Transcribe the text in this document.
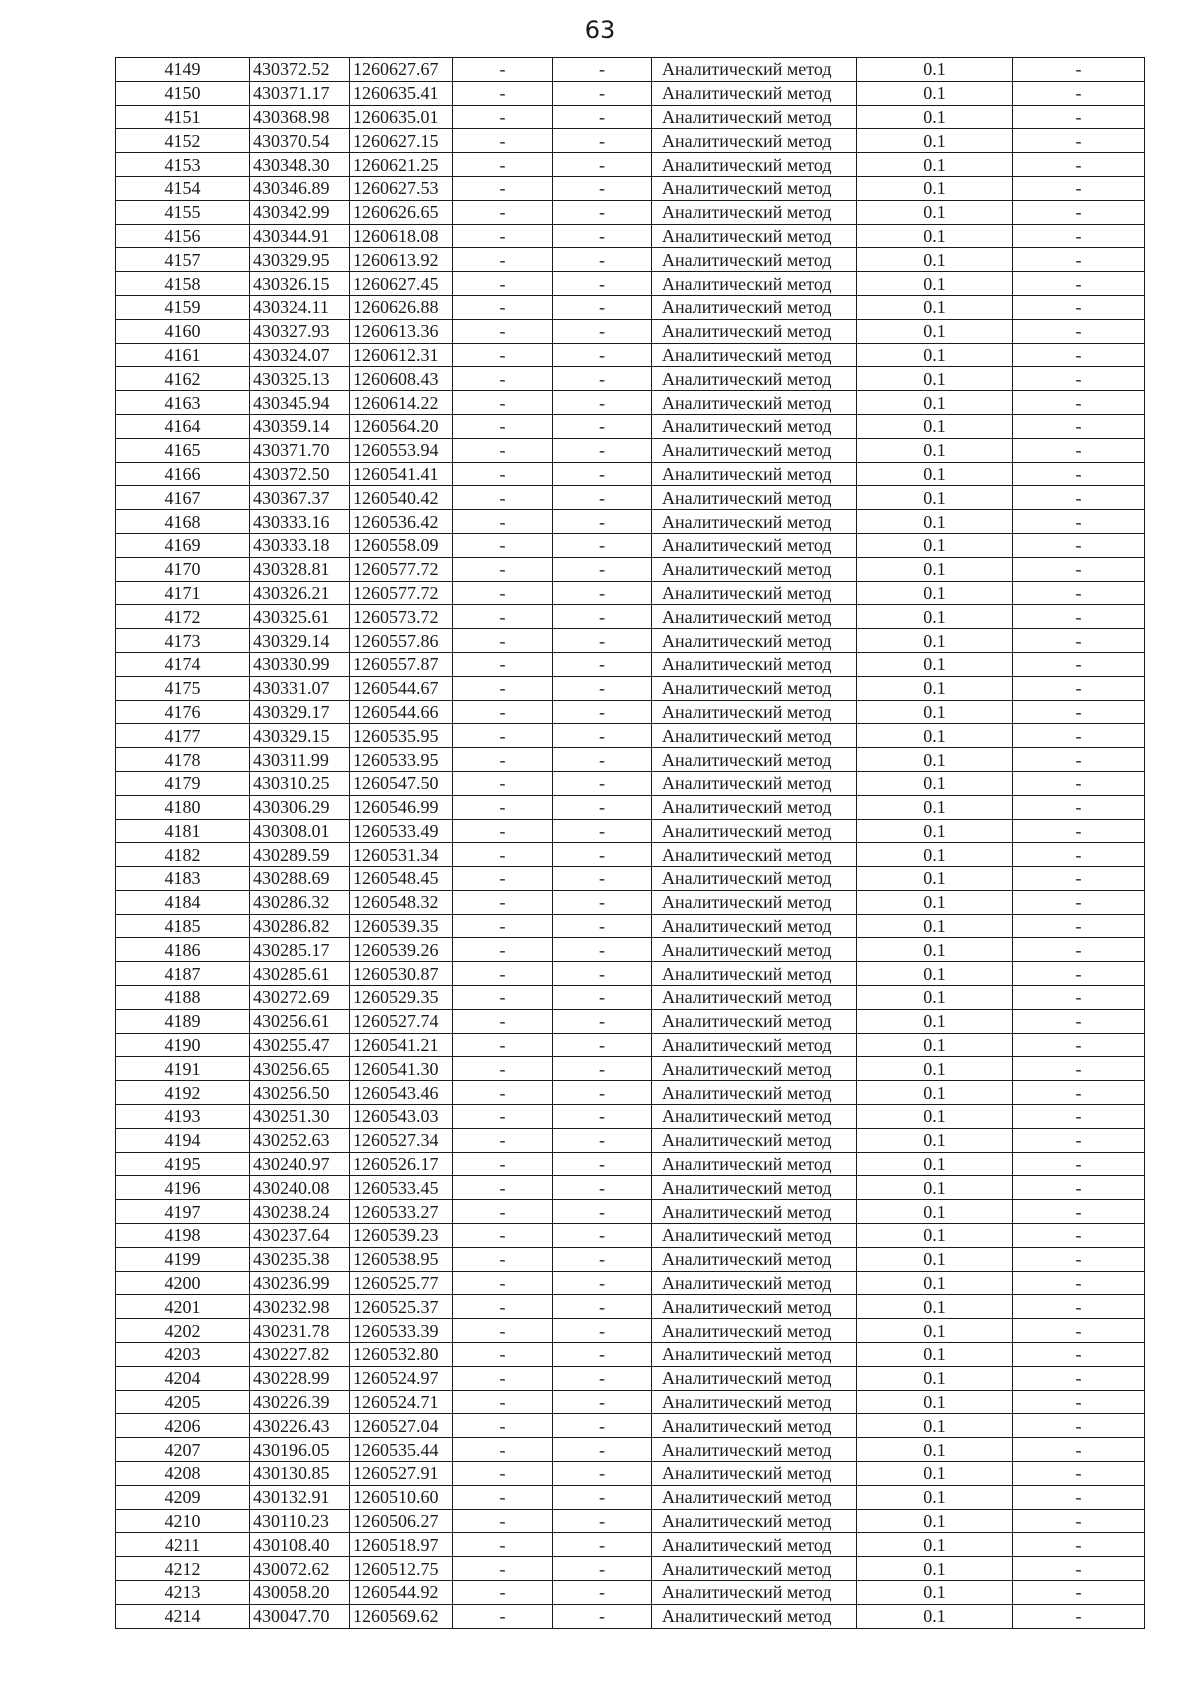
63
4149	430372.52	1260627.67	-	-	Аналитический метод	0.1	-
4150	430371.17	1260635.41	-	-	Аналитический метод	0.1	-
4151	430368.98	1260635.01	-	-	Аналитический метод	0.1	-
4152	430370.54	1260627.15	-	-	Аналитический метод	0.1	-
4153	430348.30	1260621.25	-	-	Аналитический метод	0.1	-
4154	430346.89	1260627.53	-	-	Аналитический метод	0.1	-
4155	430342.99	1260626.65	-	-	Аналитический метод	0.1	-
4156	430344.91	1260618.08	-	-	Аналитический метод	0.1	-
4157	430329.95	1260613.92	-	-	Аналитический метод	0.1	-
4158	430326.15	1260627.45	-	-	Аналитический метод	0.1	-
4159	430324.11	1260626.88	-	-	Аналитический метод	0.1	-
4160	430327.93	1260613.36	-	-	Аналитический метод	0.1	-
4161	430324.07	1260612.31	-	-	Аналитический метод	0.1	-
4162	430325.13	1260608.43	-	-	Аналитический метод	0.1	-
4163	430345.94	1260614.22	-	-	Аналитический метод	0.1	-
4164	430359.14	1260564.20	-	-	Аналитический метод	0.1	-
4165	430371.70	1260553.94	-	-	Аналитический метод	0.1	-
4166	430372.50	1260541.41	-	-	Аналитический метод	0.1	-
4167	430367.37	1260540.42	-	-	Аналитический метод	0.1	-
4168	430333.16	1260536.42	-	-	Аналитический метод	0.1	-
4169	430333.18	1260558.09	-	-	Аналитический метод	0.1	-
4170	430328.81	1260577.72	-	-	Аналитический метод	0.1	-
4171	430326.21	1260577.72	-	-	Аналитический метод	0.1	-
4172	430325.61	1260573.72	-	-	Аналитический метод	0.1	-
4173	430329.14	1260557.86	-	-	Аналитический метод	0.1	-
4174	430330.99	1260557.87	-	-	Аналитический метод	0.1	-
4175	430331.07	1260544.67	-	-	Аналитический метод	0.1	-
4176	430329.17	1260544.66	-	-	Аналитический метод	0.1	-
4177	430329.15	1260535.95	-	-	Аналитический метод	0.1	-
4178	430311.99	1260533.95	-	-	Аналитический метод	0.1	-
4179	430310.25	1260547.50	-	-	Аналитический метод	0.1	-
4180	430306.29	1260546.99	-	-	Аналитический метод	0.1	-
4181	430308.01	1260533.49	-	-	Аналитический метод	0.1	-
4182	430289.59	1260531.34	-	-	Аналитический метод	0.1	-
4183	430288.69	1260548.45	-	-	Аналитический метод	0.1	-
4184	430286.32	1260548.32	-	-	Аналитический метод	0.1	-
4185	430286.82	1260539.35	-	-	Аналитический метод	0.1	-
4186	430285.17	1260539.26	-	-	Аналитический метод	0.1	-
4187	430285.61	1260530.87	-	-	Аналитический метод	0.1	-
4188	430272.69	1260529.35	-	-	Аналитический метод	0.1	-
4189	430256.61	1260527.74	-	-	Аналитический метод	0.1	-
4190	430255.47	1260541.21	-	-	Аналитический метод	0.1	-
4191	430256.65	1260541.30	-	-	Аналитический метод	0.1	-
4192	430256.50	1260543.46	-	-	Аналитический метод	0.1	-
4193	430251.30	1260543.03	-	-	Аналитический метод	0.1	-
4194	430252.63	1260527.34	-	-	Аналитический метод	0.1	-
4195	430240.97	1260526.17	-	-	Аналитический метод	0.1	-
4196	430240.08	1260533.45	-	-	Аналитический метод	0.1	-
4197	430238.24	1260533.27	-	-	Аналитический метод	0.1	-
4198	430237.64	1260539.23	-	-	Аналитический метод	0.1	-
4199	430235.38	1260538.95	-	-	Аналитический метод	0.1	-
4200	430236.99	1260525.77	-	-	Аналитический метод	0.1	-
4201	430232.98	1260525.37	-	-	Аналитический метод	0.1	-
4202	430231.78	1260533.39	-	-	Аналитический метод	0.1	-
4203	430227.82	1260532.80	-	-	Аналитический метод	0.1	-
4204	430228.99	1260524.97	-	-	Аналитический метод	0.1	-
4205	430226.39	1260524.71	-	-	Аналитический метод	0.1	-
4206	430226.43	1260527.04	-	-	Аналитический метод	0.1	-
4207	430196.05	1260535.44	-	-	Аналитический метод	0.1	-
4208	430130.85	1260527.91	-	-	Аналитический метод	0.1	-
4209	430132.91	1260510.60	-	-	Аналитический метод	0.1	-
4210	430110.23	1260506.27	-	-	Аналитический метод	0.1	-
4211	430108.40	1260518.97	-	-	Аналитический метод	0.1	-
4212	430072.62	1260512.75	-	-	Аналитический метод	0.1	-
4213	430058.20	1260544.92	-	-	Аналитический метод	0.1	-
4214	430047.70	1260569.62	-	-	Аналитический метод	0.1	-
